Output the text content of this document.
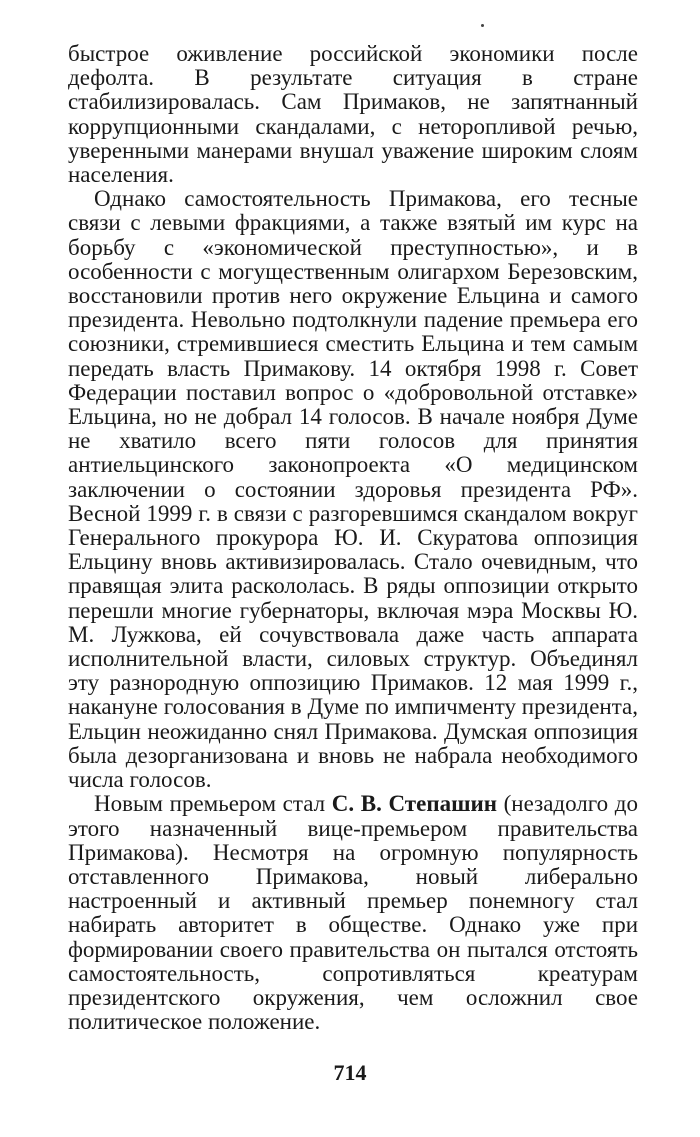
быстрое оживление российской экономики после дефолта. В результате ситуация в стране стабилизировалась. Сам Примаков, не запятнанный коррупционными скандалами, с неторопливой речью, уверенными манерами внушал уважение широким слоям населения.

Однако самостоятельность Примакова, его тесные связи с левыми фракциями, а также взятый им курс на борьбу с «экономической преступностью», и в особенности с могущественным олигархом Березовским, восстановили против него окружение Ельцина и самого президента. Невольно подтолкнули падение премьера его союзники, стремившиеся сместить Ельцина и тем самым передать власть Примакову. 14 октября 1998 г. Совет Федерации поставил вопрос о «добровольной отставке» Ельцина, но не добрал 14 голосов. В начале ноября Думе не хватило всего пяти голосов для принятия антиельцинского законопроекта «О медицинском заключении о состоянии здоровья президента РФ». Весной 1999 г. в связи с разгоревшимся скандалом вокруг Генерального прокурора Ю. И. Скуратова оппозиция Ельцину вновь активизировалась. Стало очевидным, что правящая элита раскололась. В ряды оппозиции открыто перешли многие губернаторы, включая мэра Москвы Ю. М. Лужкова, ей сочувствовала даже часть аппарата исполнительной власти, силовых структур. Объединял эту разнородную оппозицию Примаков. 12 мая 1999 г., накануне голосования в Думе по импичменту президента, Ельцин неожиданно снял Примакова. Думская оппозиция была дезорганизована и вновь не набрала необходимого числа голосов.

Новым премьером стал С. В. Степашин (незадолго до этого назначенный вице-премьером правительства Примакова). Несмотря на огромную популярность отставленного Примакова, новый либерально настроенный и активный премьер понемногу стал набирать авторитет в обществе. Однако уже при формировании своего правительства он пытался отстоять самостоятельность, сопротивляться креатурам президентского окружения, чем осложнил свое политическое положение.

714
